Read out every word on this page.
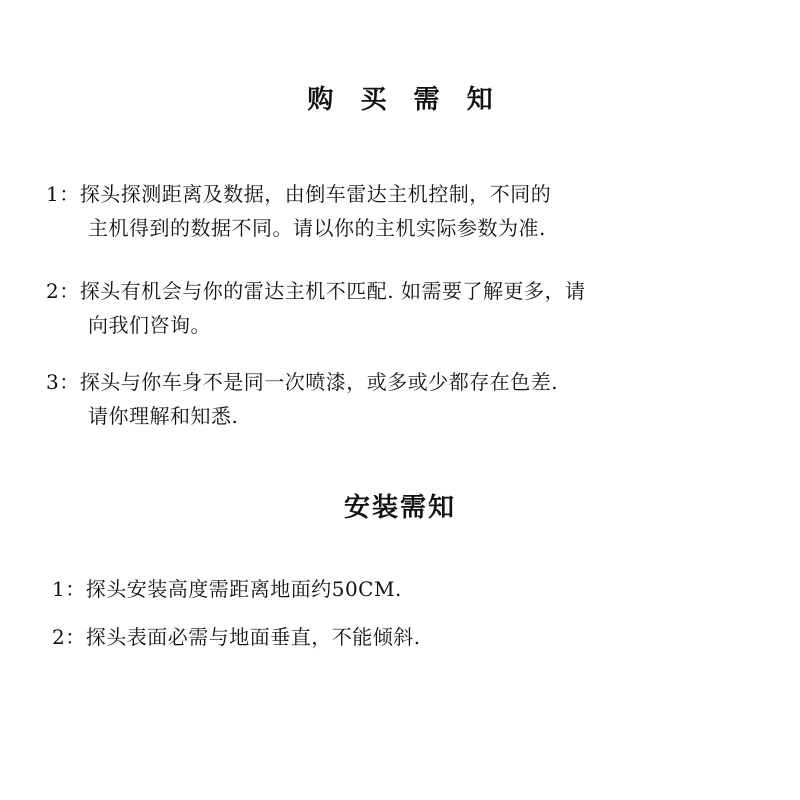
购 买 需 知
1：探头探测距离及数据，由倒车雷达主机控制，不同的
主机得到的数据不同。请以你的主机实际参数为准.
2：探头有机会与你的雷达主机不匹配. 如需要了解更多，请
向我们咨询。
3：探头与你车身不是同一次喷漆，或多或少都存在色差.
请你理解和知悉.
安装需知
1：探头安装高度需距离地面约50CM.
2：探头表面必需与地面垂直，不能倾斜.
